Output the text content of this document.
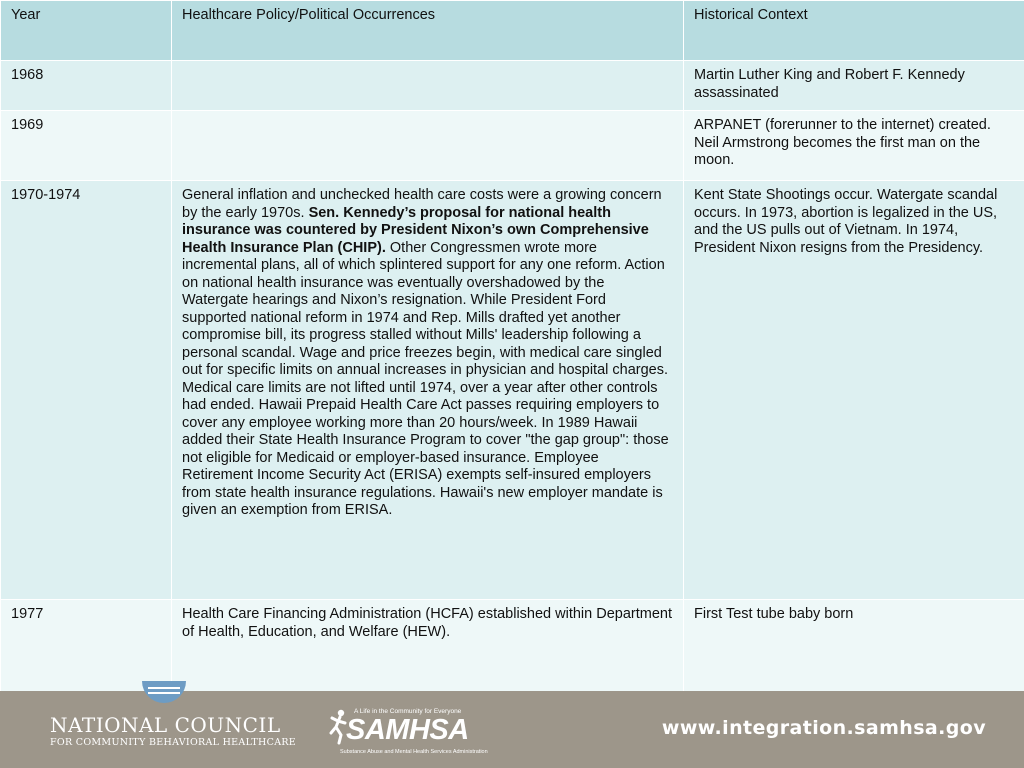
Year	Healthcare Policy/Political Occurrences	Historical Context
1968		Martin Luther King and Robert F. Kennedy assassinated
1969		ARPANET (forerunner to the internet) created. Neil Armstrong becomes the first man on the moon.
1970-1974	General inflation and unchecked health care costs were a growing concern by the early 1970s. Sen. Kennedy’s proposal for national health insurance was countered by President Nixon’s own Comprehensive Health Insurance Plan (CHIP). Other Congressmen wrote more incremental plans, all of which splintered support for any one reform. Action on national health insurance was eventually overshadowed by the Watergate hearings and Nixon’s resignation. While President Ford supported national reform in 1974 and Rep. Mills drafted yet another compromise bill, its progress stalled without Mills' leadership following a personal scandal. Wage and price freezes begin, with medical care singled out for specific limits on annual increases in physician and hospital charges. Medical care limits are not lifted until 1974, over a year after other controls had ended. Hawaii Prepaid Health Care Act passes requiring employers to cover any employee working more than 20 hours/week. In 1989 Hawaii added their State Health Insurance Program to cover "the gap group": those not eligible for Medicaid or employer-based insurance. Employee Retirement Income Security Act (ERISA) exempts self-insured employers from state health insurance regulations. Hawaii's new employer mandate is given an exemption from ERISA.	Kent State Shootings occur. Watergate scandal occurs. In 1973, abortion is legalized in the US, and the US pulls out of Vietnam. In 1974, President Nixon resigns from the Presidency.
1977	Health Care Financing Administration (HCFA) established within Department of Health, Education, and Welfare (HEW).	First Test tube baby born
NATIONAL COUNCIL
FOR COMMUNITY BEHAVIORAL HEALTHCARE
A Life in the Community for Everyone
SAMHSA
Substance Abuse and Mental Health Services Administration
www.integration.samhsa.gov
